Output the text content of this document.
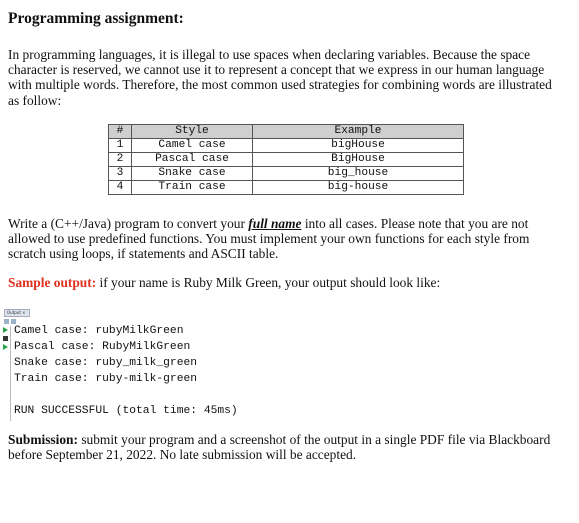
Programming assignment:
In programming languages, it is illegal to use spaces when declaring variables. Because the space character is reserved, we cannot use it to represent a concept that we express in our human language with multiple words. Therefore, the most common used strategies for combining words are illustrated as follow:
#	Style	Example
1	Camel case	bigHouse
2	Pascal case	BigHouse
3	Snake case	big_house
4	Train case	big-house
Write a (C++/Java) program to convert your full name into all cases. Please note that you are not allowed to use predefined functions. You must implement your own functions for each style from scratch using loops, if statements and ASCII table.
Sample output: if your name is Ruby Milk Green, your output should look like:
Output ×
Camel case: rubyMilkGreen
Pascal case: RubyMilkGreen
Snake case: ruby_milk_green
Train case: ruby-milk-green
RUN SUCCESSFUL (total time: 45ms)
Submission: submit your program and a screenshot of the output in a single PDF file via Blackboard before September 21, 2022. No late submission will be accepted.
